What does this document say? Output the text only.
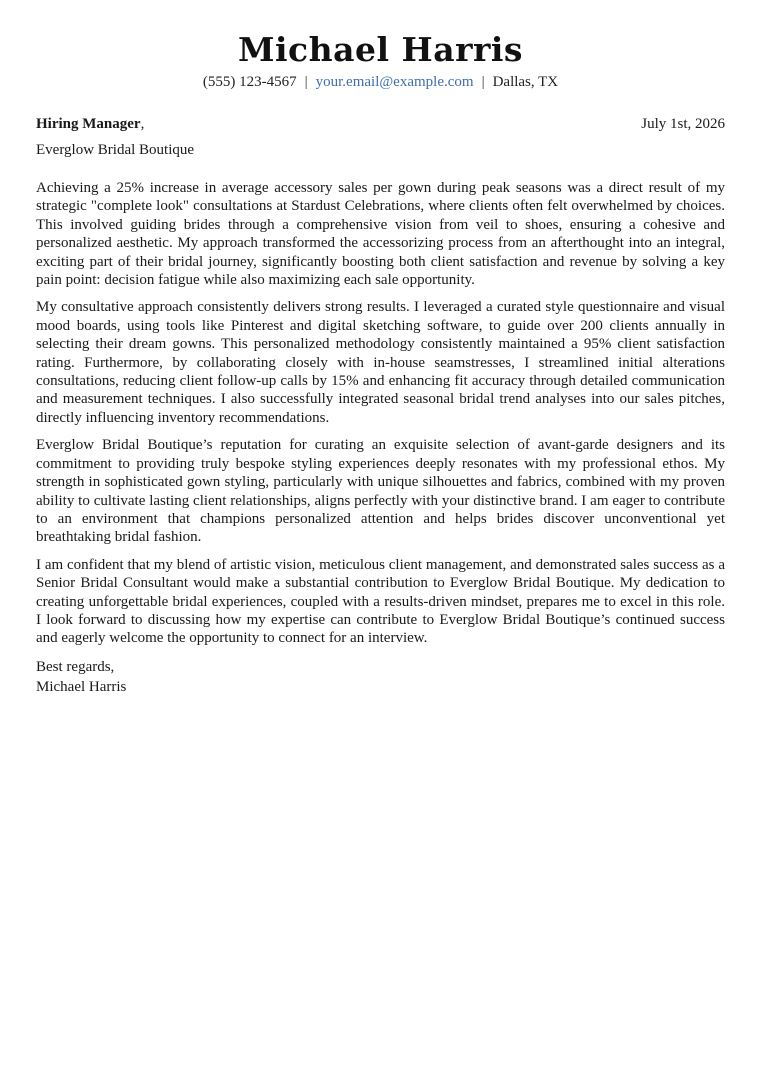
Michael Harris
(555) 123-4567 | your.email@example.com | Dallas, TX
Hiring Manager,	July 1st, 2026
Everglow Bridal Boutique

Achieving a 25% increase in average accessory sales per gown during peak seasons was a direct result of my strategic "complete look" consultations at Stardust Celebrations, where clients often felt overwhelmed by choices. This involved guiding brides through a comprehensive vision from veil to shoes, ensuring a cohesive and personalized aesthetic. My approach transformed the accessorizing process from an afterthought into an integral, exciting part of their bridal journey, significantly boosting both client satisfaction and revenue by solving a key pain point: decision fatigue while also maximizing each sale opportunity.

My consultative approach consistently delivers strong results. I leveraged a curated style questionnaire and visual mood boards, using tools like Pinterest and digital sketching software, to guide over 200 clients annually in selecting their dream gowns. This personalized methodology consistently maintained a 95% client satisfaction rating. Furthermore, by collaborating closely with in-house seamstresses, I streamlined initial alterations consultations, reducing client follow-up calls by 15% and enhancing fit accuracy through detailed communication and measurement techniques. I also successfully integrated seasonal bridal trend analyses into our sales pitches, directly influencing inventory recommendations.

Everglow Bridal Boutique’s reputation for curating an exquisite selection of avant-garde designers and its commitment to providing truly bespoke styling experiences deeply resonates with my professional ethos. My strength in sophisticated gown styling, particularly with unique silhouettes and fabrics, combined with my proven ability to cultivate lasting client relationships, aligns perfectly with your distinctive brand. I am eager to contribute to an environment that champions personalized attention and helps brides discover unconventional yet breathtaking bridal fashion.

I am confident that my blend of artistic vision, meticulous client management, and demonstrated sales success as a Senior Bridal Consultant would make a substantial contribution to Everglow Bridal Boutique. My dedication to creating unforgettable bridal experiences, coupled with a results-driven mindset, prepares me to excel in this role. I look forward to discussing how my expertise can contribute to Everglow Bridal Boutique’s continued success and eagerly welcome the opportunity to connect for an interview.

Best regards,
Michael Harris
